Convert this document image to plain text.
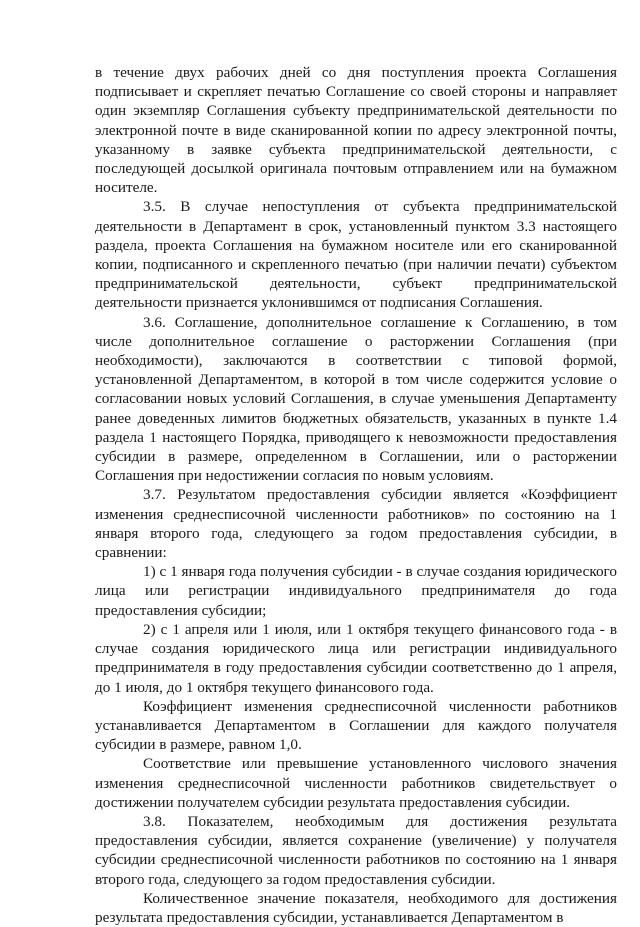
в течение двух рабочих дней со дня поступления проекта Соглашения подписывает и скрепляет печатью Соглашение со своей стороны и направляет один экземпляр Соглашения субъекту предпринимательской деятельности по электронной почте в виде сканированной копии по адресу электронной почты, указанному в заявке субъекта предпринимательской деятельности, с последующей досылкой оригинала почтовым отправлением или на бумажном носителе.

3.5. В случае непоступления от субъекта предпринимательской деятельности в Департамент в срок, установленный пунктом 3.3 настоящего раздела, проекта Соглашения на бумажном носителе или его сканированной копии, подписанного и скрепленного печатью (при наличии печати) субъектом предпринимательской деятельности, субъект предпринимательской деятельности признается уклонившимся от подписания Соглашения.

3.6. Соглашение, дополнительное соглашение к Соглашению, в том числе дополнительное соглашение о расторжении Соглашения (при необходимости), заключаются в соответствии с типовой формой, установленной Департаментом, в которой в том числе содержится условие о согласовании новых условий Соглашения, в случае уменьшения Департаменту ранее доведенных лимитов бюджетных обязательств, указанных в пункте 1.4 раздела 1 настоящего Порядка, приводящего к невозможности предоставления субсидии в размере, определенном в Соглашении, или о расторжении Соглашения при недостижении согласия по новым условиям.

3.7. Результатом предоставления субсидии является «Коэффициент изменения среднесписочной численности работников» по состоянию на 1 января второго года, следующего за годом предоставления субсидии, в сравнении:

1) с 1 января года получения субсидии - в случае создания юридического лица или регистрации индивидуального предпринимателя до года предоставления субсидии;

2) с 1 апреля или 1 июля, или 1 октября текущего финансового года - в случае создания юридического лица или регистрации индивидуального предпринимателя в году предоставления субсидии соответственно до 1 апреля, до 1 июля, до 1 октября текущего финансового года.

Коэффициент изменения среднесписочной численности работников устанавливается Департаментом в Соглашении для каждого получателя субсидии в размере, равном 1,0.

Соответствие или превышение установленного числового значения изменения среднесписочной численности работников свидетельствует о достижении получателем субсидии результата предоставления субсидии.

3.8. Показателем, необходимым для достижения результата предоставления субсидии, является сохранение (увеличение) у получателя субсидии среднесписочной численности работников по состоянию на 1 января второго года, следующего за годом предоставления субсидии.

Количественное значение показателя, необходимого для достижения результата предоставления субсидии, устанавливается Департаментом в
